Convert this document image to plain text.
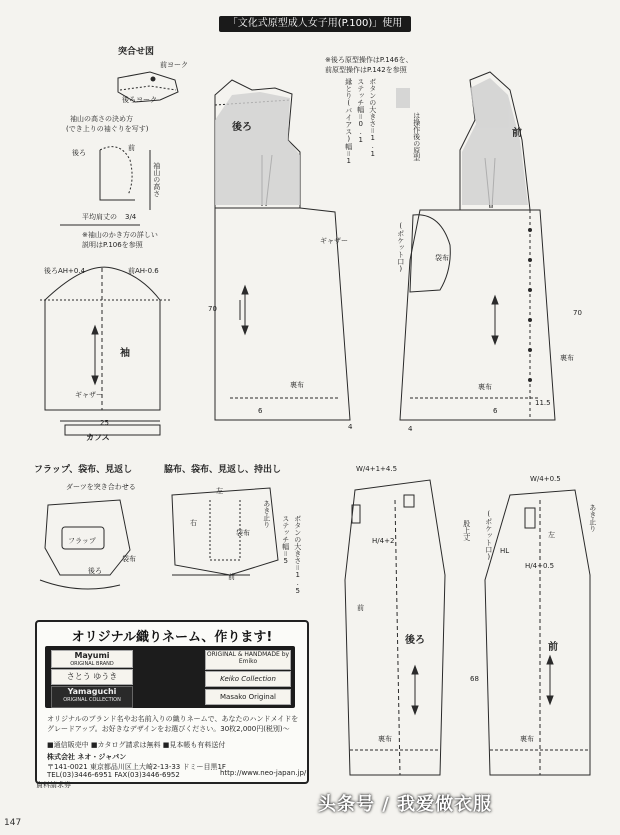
「文化式原型成人女子用(P.100)」使用
突合せ図
前ヨーク
後ろヨーク
袖山の高さの決め方
(でき上りの袖ぐりを写す)
前
後ろ
袖山の高さ
平均肩丈の 3/4
※袖山のかき方の詳しい
説明はP.106を参照
後ろAH+0.4	前AH-0.6
袖
ギャザー
25
カフス
後ろ
※後ろ原型操作はP.146を、
前原型操作はP.142を参照
ボタンの大きさ＝1.1
ステッチ幅＝0.1
縁とり(バイアス)幅＝1	は操作後の原型
ギャザー
70
裏布
4
6
前
(ポケット口)	袋布
70
裏布
裏布
11.5
4
6
フラップ、袋布、見返し
ダーツを突き合わせる
フラップ
袋布
後ろ
脇布、袋布、見返し、持出し
右
左
袋布
あき止り
前	ボタンの大きさ＝1.5
ステッチ幅＝5
W/4+1+4.5
H/4+2
後ろ
前
68
裏布
股上丈
W/4+0.5
H/4+0.5
HL
左
あき止り
(ポケット口)
前
裏布
オリジナル織りネーム、作ります!
Mayumi
ORIGINAL BRAND
さとう ゆうき
Yamaguchi
ORIGINAL COLLECTION
ORIGINAL & HANDMADE by Emiko
Keiko Collection
Masako Original
オリジナルのブランド名やお名前入りの織りネームで、あなたのハンドメイドを
グレードアップ。お好きなデザインをお選びください。30枚2,000円(税別)〜
■通信販売中 ■カタログ請求は無料 ■見本帳も有料送付
株式会社 ネオ・ジャパン
〒141-0021 東京都品川区上大崎2-13-33 ドミー目黒1F
TEL(03)3446-6951 FAX(03)3446-6952
資料請求券
http://www.neo-japan.jp/
头条号 / 我爱做衣服
147
